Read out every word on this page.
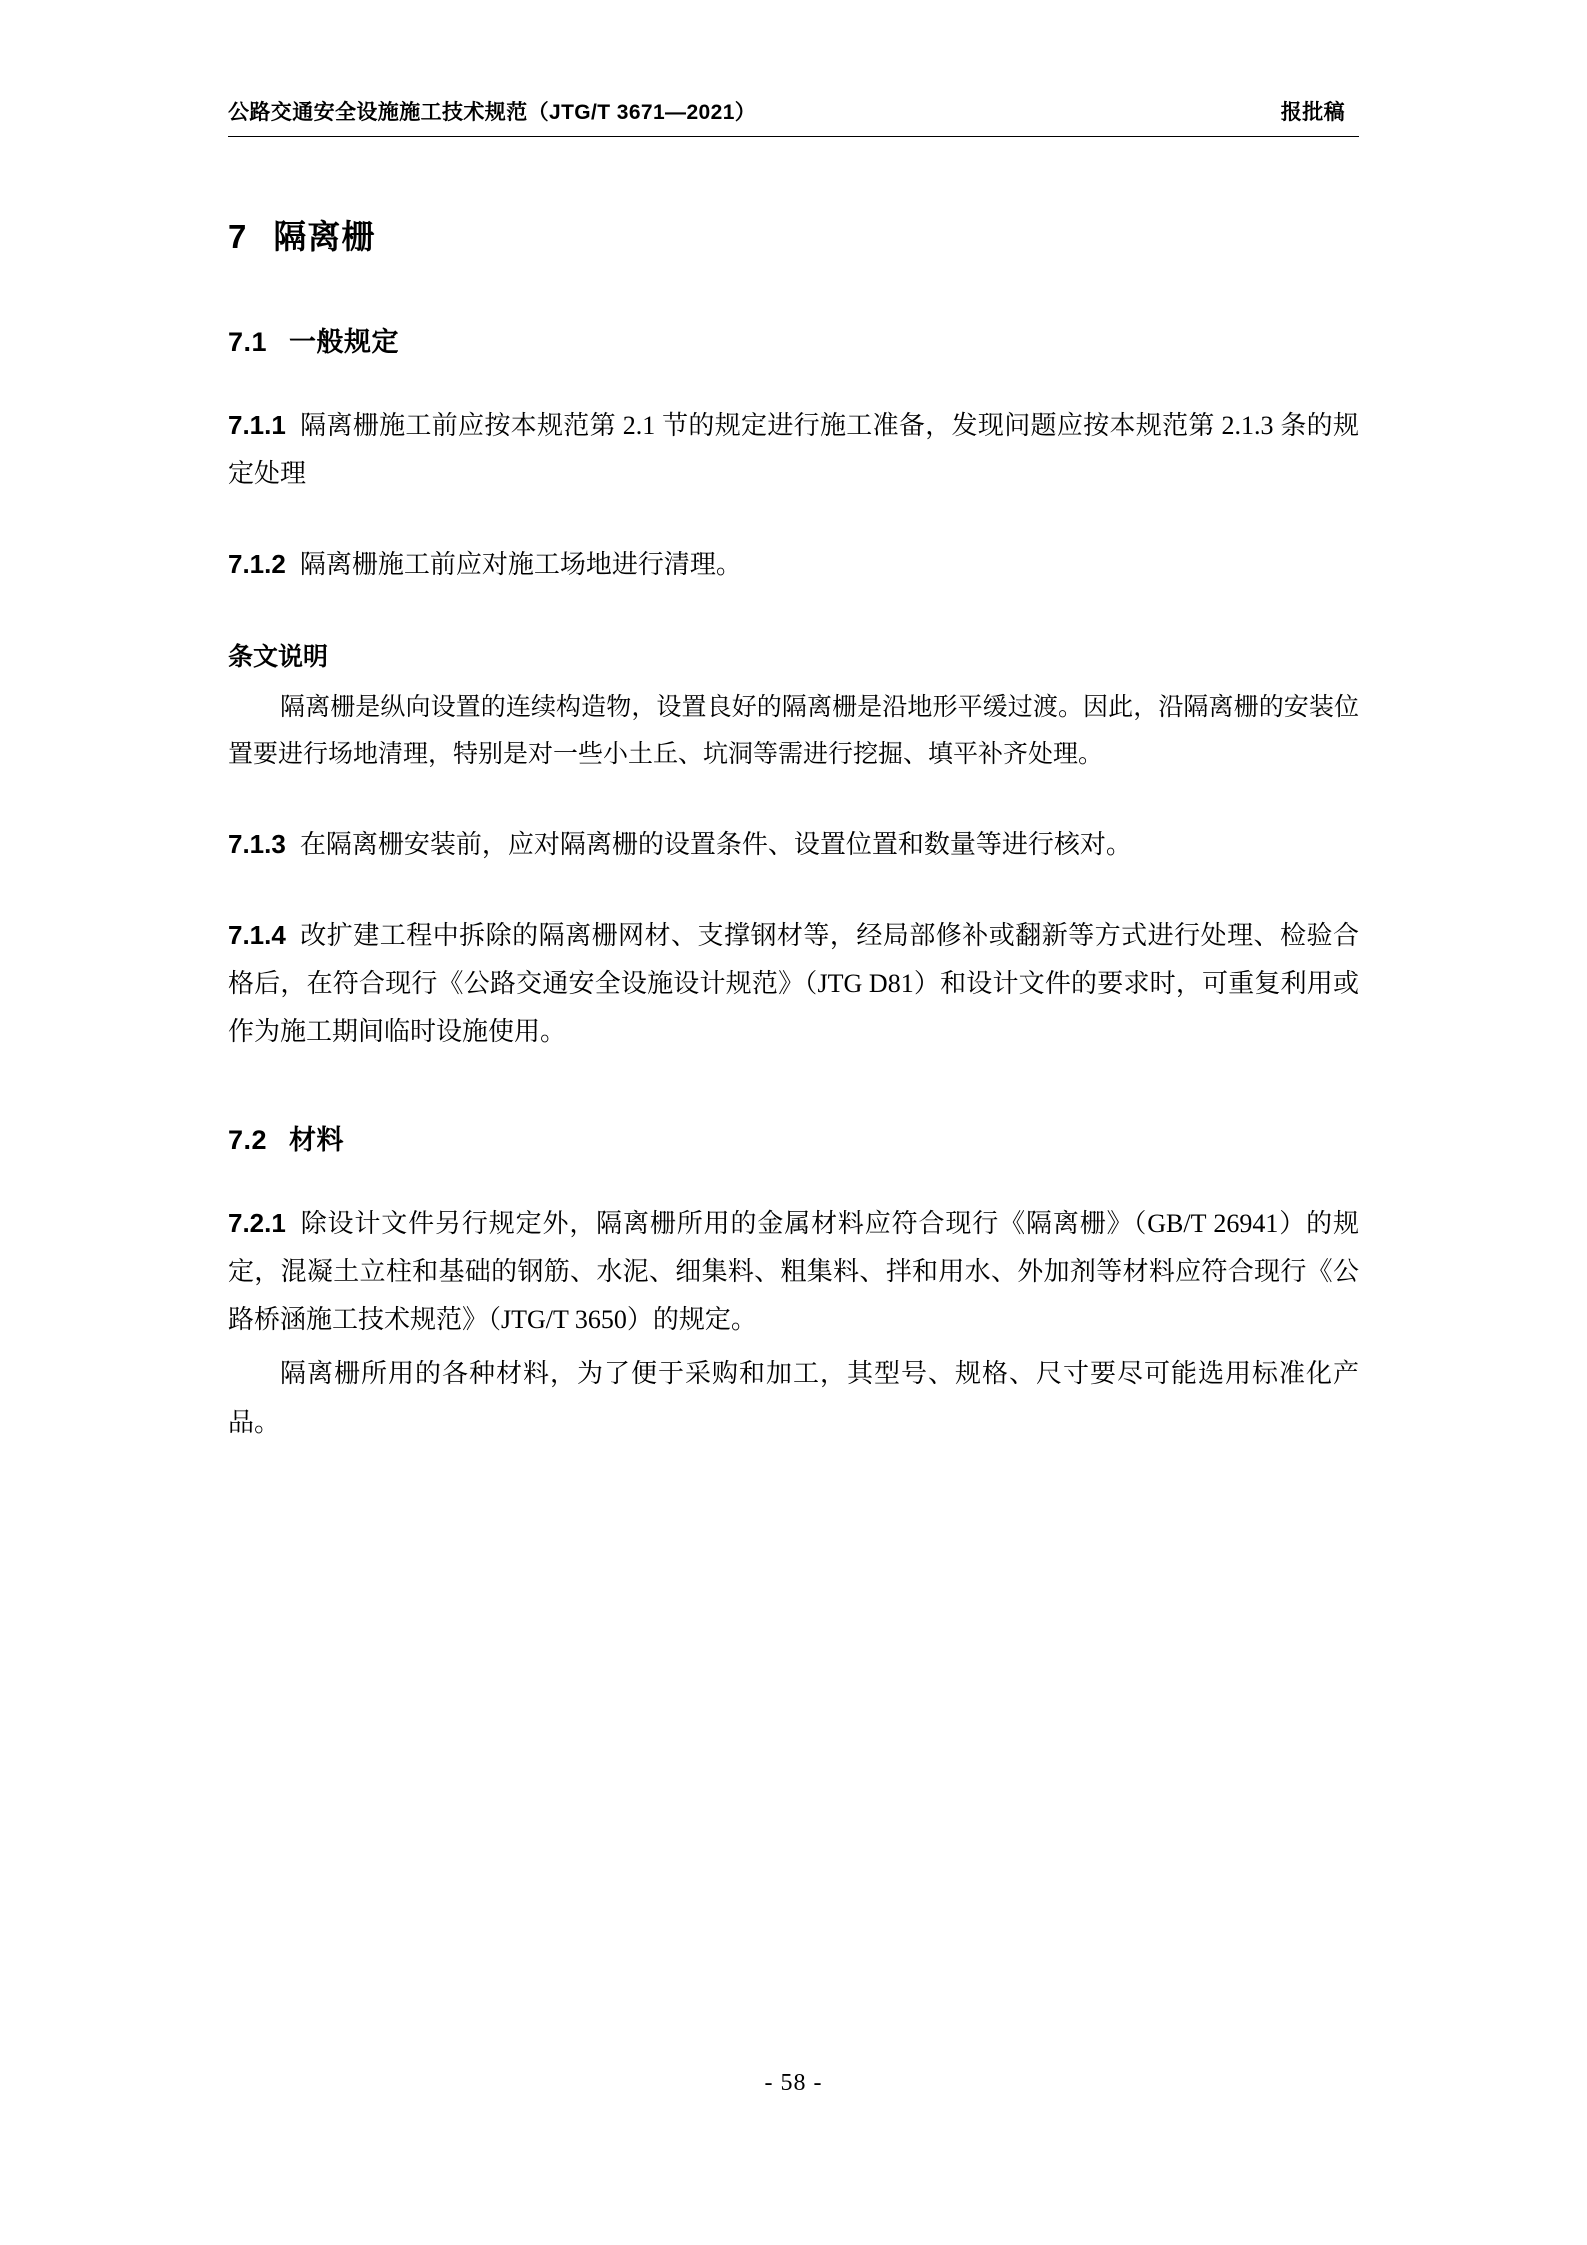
公路交通安全设施施工技术规范（JTG/T 3671—2021）	报批稿
7 隔离栅
7.1 一般规定

7.1.1 隔离栅施工前应按本规范第 2.1 节的规定进行施工准备，发现问题应按本规范第 2.1.3 条的规定处理

7.1.2 隔离栅施工前应对施工场地进行清理。

条文说明

隔离栅是纵向设置的连续构造物，设置良好的隔离栅是沿地形平缓过渡。因此，沿隔离栅的安装位置要进行场地清理，特别是对一些小土丘、坑洞等需进行挖掘、填平补齐处理。

7.1.3 在隔离栅安装前，应对隔离栅的设置条件、设置位置和数量等进行核对。

7.1.4 改扩建工程中拆除的隔离栅网材、支撑钢材等，经局部修补或翻新等方式进行处理、检验合格后，在符合现行《公路交通安全设施设计规范》（JTG D81）和设计文件的要求时，可重复利用或作为施工期间临时设施使用。

7.2 材料

7.2.1 除设计文件另行规定外，隔离栅所用的金属材料应符合现行《隔离栅》（GB/T 26941）的规定，混凝土立柱和基础的钢筋、水泥、细集料、粗集料、拌和用水、外加剂等材料应符合现行《公路桥涵施工技术规范》（JTG/T 3650）的规定。

隔离栅所用的各种材料，为了便于采购和加工，其型号、规格、尺寸要尽可能选用标准化产品。

- 58 -
